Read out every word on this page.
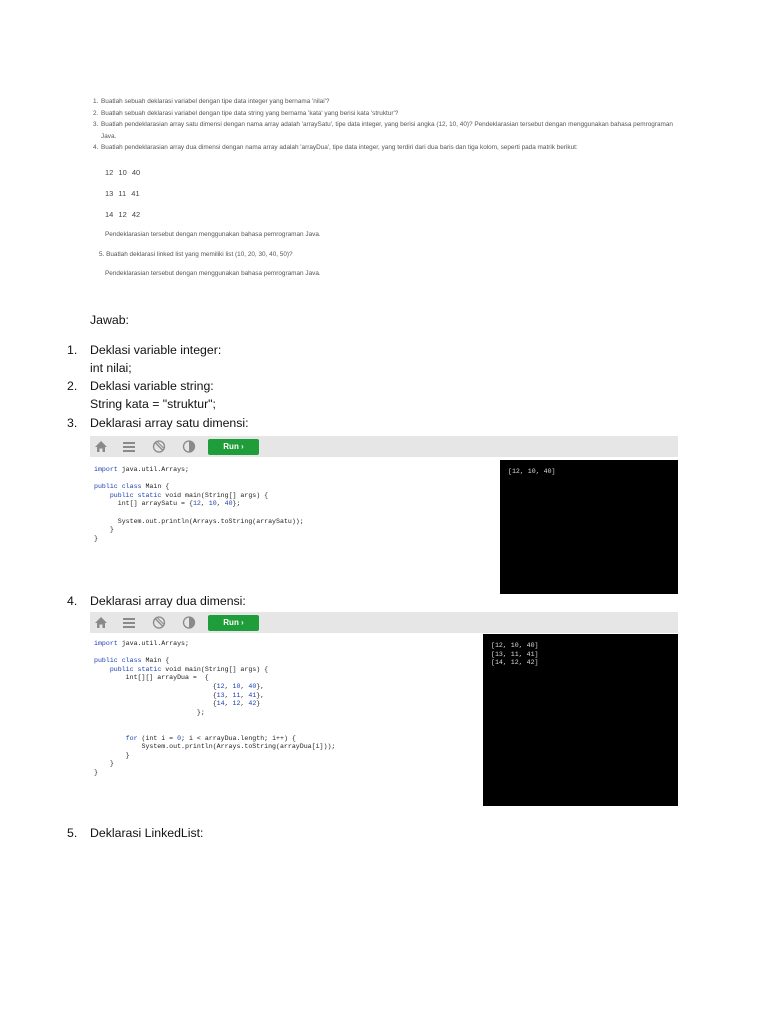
1. Buatlah sebuah deklarasi variabel dengan tipe data integer yang bernama 'nilai'?
2. Buatlah sebuah deklarasi variabel dengan tipe data string yang bernama 'kata' yang berisi kata 'struktur'?
3. Buatlah pendeklarasian array satu dimensi dengan nama array adalah 'arraySatu', tipe data integer, yang berisi angka (12, 10, 40)? Pendeklarasian tersebut dengan menggunakan bahasa pemrograman Java.
4. Buatlah pendeklarasian array dua dimensi dengan nama array adalah 'arrayDua', tipe data integer, yang terdiri dari dua baris dan tiga kolom, seperti pada matrik berikut:
12 10 40
13 11 41
14 12 42
Pendeklarasian tersebut dengan menggunakan bahasa pemrograman Java.
5. Buatlah deklarasi linked list yang memiliki list (10, 20, 30, 40, 50)?
Pendeklarasian tersebut dengan menggunakan bahasa pemrograman Java.
Jawab:
1. Deklasi variable integer:
int nilai;
2. Deklasi variable string:
String kata = "struktur";
3. Deklarasi array satu dimensi:
4. Deklarasi array dua dimensi:
5. Deklarasi LinkedList:
Run ›
import java.util.Arrays;

public class Main {
public static void main(String[] args) {
int[] arraySatu = {12, 10, 40};

System.out.println(Arrays.toString(arraySatu));
}
}
[12, 10, 40]
Run ›
import java.util.Arrays;

public class Main {
public static void main(String[] args) {
int[][] arrayDua =  {
{12, 10, 40},
{13, 11, 41},
{14, 12, 42}
};

for (int i = 0; i < arrayDua.length; i++) {
System.out.println(Arrays.toString(arrayDua[i]));
}
}
}
[12, 10, 40]
[13, 11, 41]
[14, 12, 42]
